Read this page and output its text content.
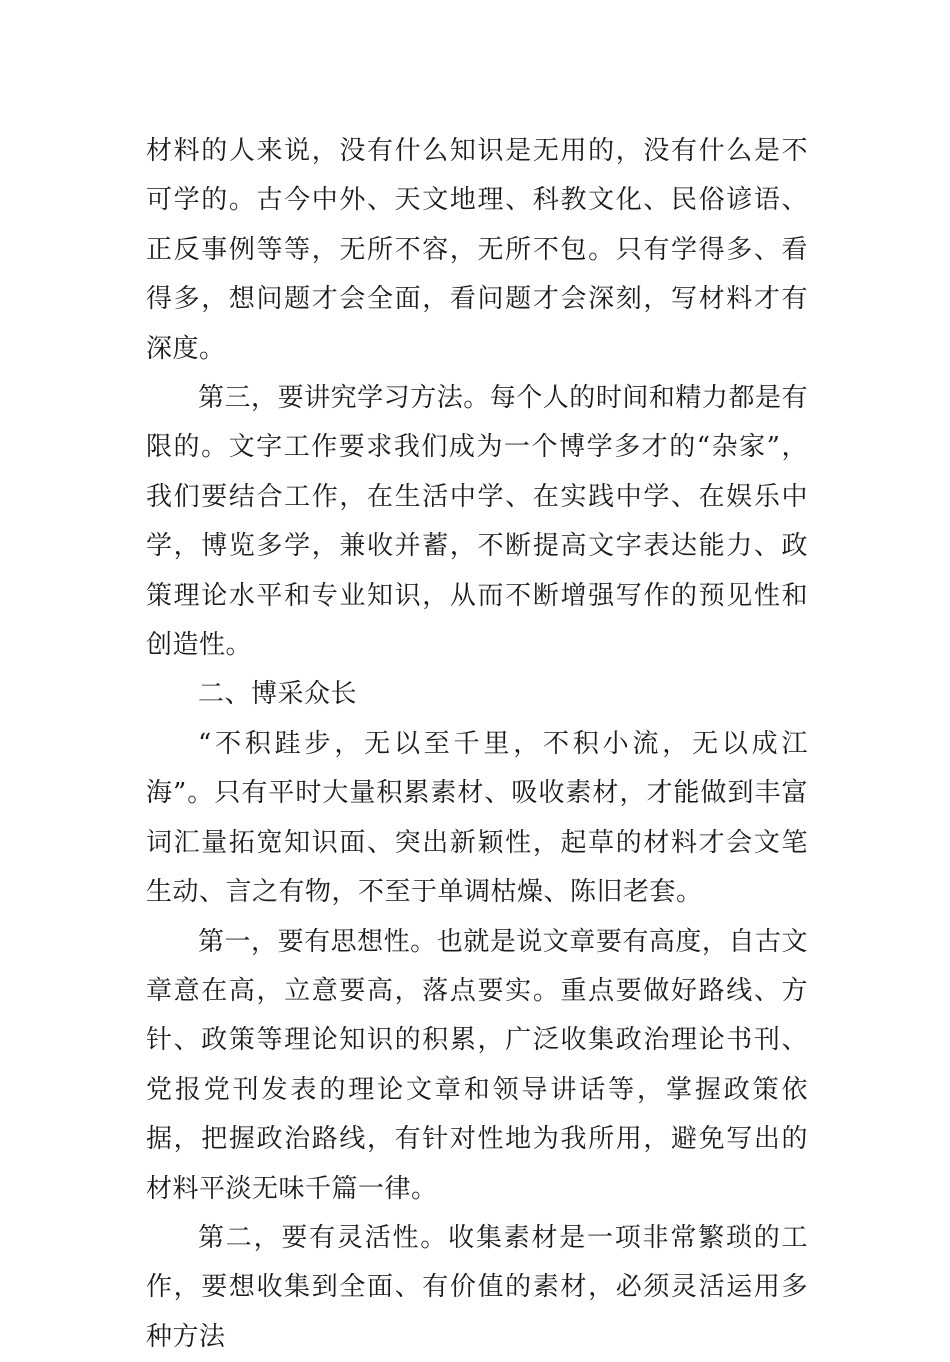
材料的人来说，没有什么知识是无用的，没有什么是不可学的。古今中外、天文地理、科教文化、民俗谚语、正反事例等等，无所不容，无所不包。只有学得多、看得多，想问题才会全面，看问题才会深刻，写材料才有深度。

第三，要讲究学习方法。每个人的时间和精力都是有限的。文字工作要求我们成为一个博学多才的“杂家”，我们要结合工作，在生活中学、在实践中学、在娱乐中学，博览多学，兼收并蓄，不断提高文字表达能力、政策理论水平和专业知识，从而不断增强写作的预见性和创造性。

二、博采众长

“不积跬步，无以至千里，不积小流，无以成江海”。只有平时大量积累素材、吸收素材，才能做到丰富词汇量拓宽知识面、突出新颖性，起草的材料才会文笔生动、言之有物，不至于单调枯燥、陈旧老套。

第一，要有思想性。也就是说文章要有高度，自古文章意在高，立意要高，落点要实。重点要做好路线、方针、政策等理论知识的积累，广泛收集政治理论书刊、党报党刊发表的理论文章和领导讲话等，掌握政策依据，把握政治路线，有针对性地为我所用，避免写出的材料平淡无味千篇一律。

第二，要有灵活性。收集素材是一项非常繁琐的工作，要想收集到全面、有价值的素材，必须灵活运用多种方法
